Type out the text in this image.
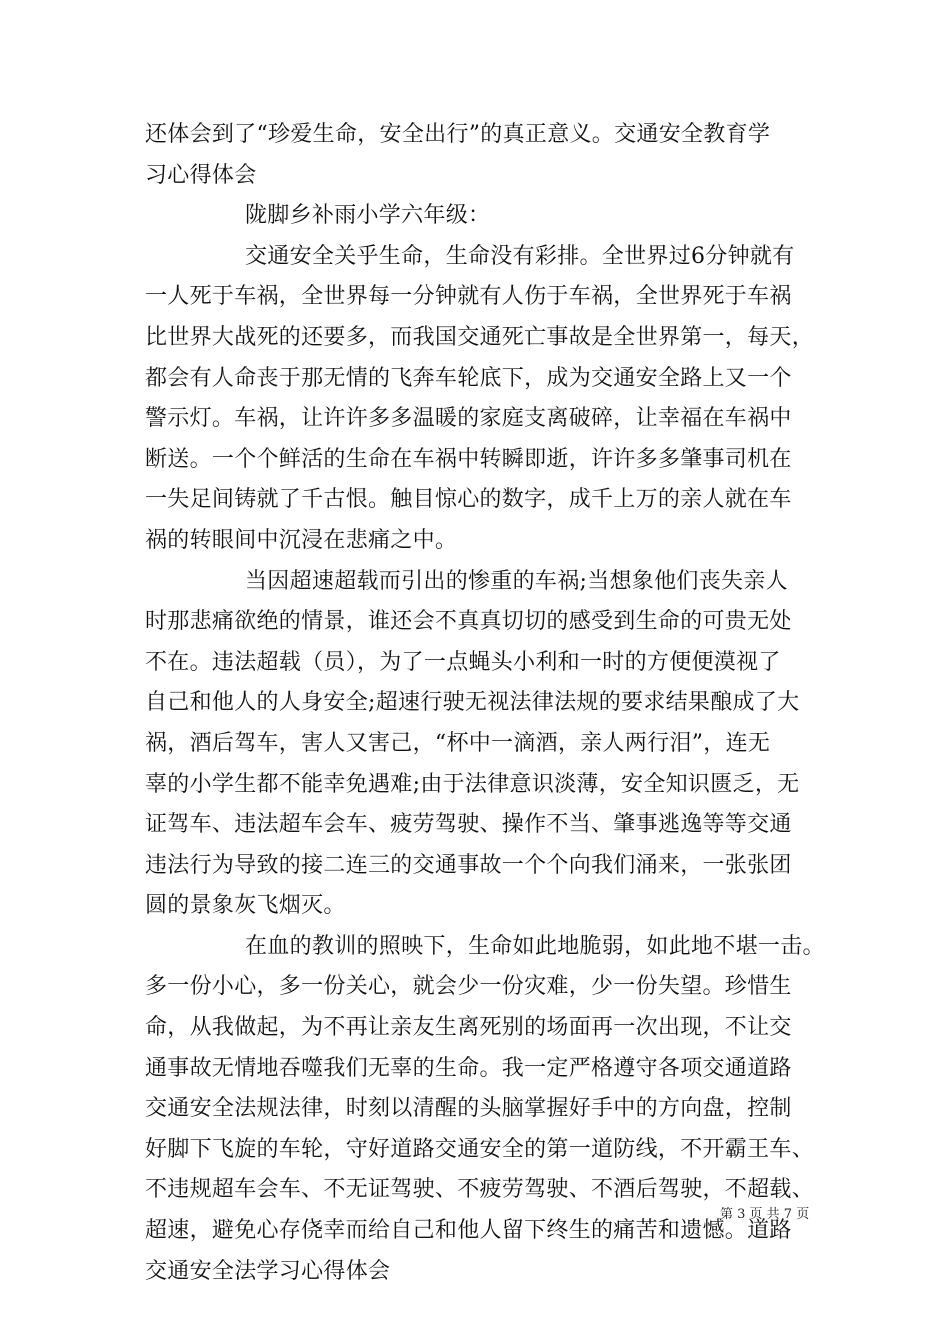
还体会到了“珍爱生命，安全出行”的真正意义。交通安全教育学
习心得体会
陇脚乡补雨小学六年级：
交通安全关乎生命，生命没有彩排。全世界过6分钟就有
一人死于车祸，全世界每一分钟就有人伤于车祸，全世界死于车祸
比世界大战死的还要多，而我国交通死亡事故是全世界第一，每天，
都会有人命丧于那无情的飞奔车轮底下，成为交通安全路上又一个
警示灯。车祸，让许许多多温暖的家庭支离破碎，让幸福在车祸中
断送。一个个鲜活的生命在车祸中转瞬即逝，许许多多肇事司机在
一失足间铸就了千古恨。触目惊心的数字，成千上万的亲人就在车
祸的转眼间中沉浸在悲痛之中。
当因超速超载而引出的惨重的车祸;当想象他们丧失亲人
时那悲痛欲绝的情景，谁还会不真真切切的感受到生命的可贵无处
不在。违法超载（员），为了一点蝇头小利和一时的方便便漠视了
自己和他人的人身安全;超速行驶无视法律法规的要求结果酿成了大
祸，酒后驾车，害人又害己，“杯中一滴酒，亲人两行泪”，连无
辜的小学生都不能幸免遇难;由于法律意识淡薄，安全知识匮乏，无
证驾车、违法超车会车、疲劳驾驶、操作不当、肇事逃逸等等交通
违法行为导致的接二连三的交通事故一个个向我们涌来，一张张团
圆的景象灰飞烟灭。
在血的教训的照映下，生命如此地脆弱，如此地不堪一击。
多一份小心，多一份关心，就会少一份灾难，少一份失望。珍惜生
命，从我做起，为不再让亲友生离死别的场面再一次出现，不让交
通事故无情地吞噬我们无辜的生命。我一定严格遵守各项交通道路
交通安全法规法律，时刻以清醒的头脑掌握好手中的方向盘，控制
好脚下飞旋的车轮，守好道路交通安全的第一道防线，不开霸王车、
不违规超车会车、不无证驾驶、不疲劳驾驶、不酒后驾驶，不超载、
超速，避免心存侥幸而给自己和他人留下终生的痛苦和遗憾。道路
交通安全法学习心得体会
第 3 页 共 7 页
